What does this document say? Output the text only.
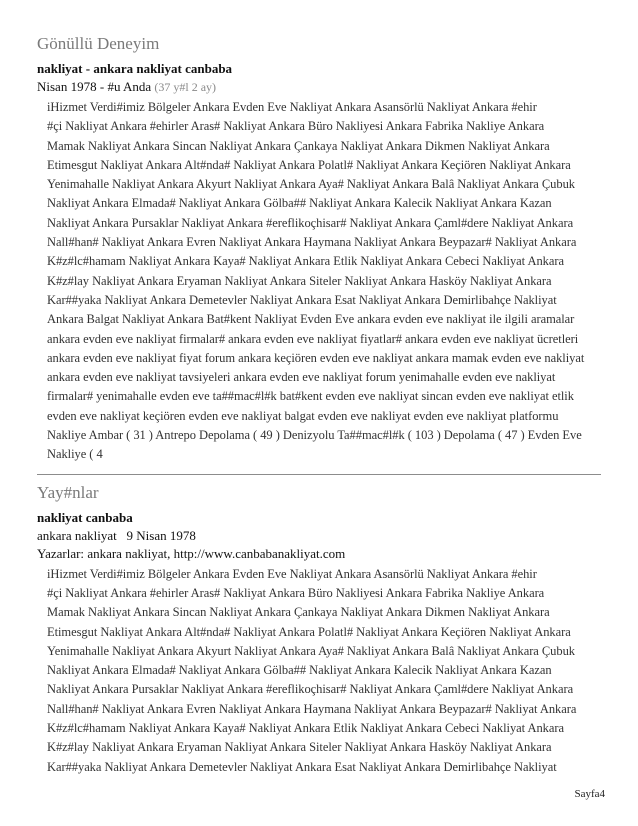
Gönüllü Deneyim
nakliyat - ankara nakliyat canbaba
Nisan 1978 - #u Anda (37 y#l 2 ay)
iHizmet Verdi#imiz Bölgeler Ankara Evden Eve Nakliyat Ankara Asansörlü Nakliyat Ankara #ehir
#çi Nakliyat Ankara #ehirler Aras# Nakliyat Ankara Büro Nakliyesi Ankara Fabrika Nakliye Ankara
Mamak Nakliyat Ankara Sincan Nakliyat Ankara Çankaya Nakliyat Ankara Dikmen Nakliyat Ankara
Etimesgut Nakliyat Ankara Alt#nda# Nakliyat Ankara Polatl# Nakliyat Ankara Keçiören Nakliyat Ankara
Yenimahalle Nakliyat Ankara Akyurt Nakliyat Ankara Aya# Nakliyat Ankara Balâ Nakliyat Ankara Çubuk
Nakliyat Ankara Elmada# Nakliyat Ankara Gölba## Nakliyat Ankara Kalecik Nakliyat Ankara Kazan
Nakliyat Ankara Pursaklar Nakliyat Ankara #ereflikoçhisar# Nakliyat Ankara Çaml#dere Nakliyat Ankara
Nall#han# Nakliyat Ankara Evren Nakliyat Ankara Haymana Nakliyat Ankara Beypazar# Nakliyat Ankara
K#z#lc#hamam Nakliyat Ankara Kaya# Nakliyat Ankara Etlik Nakliyat Ankara Cebeci Nakliyat Ankara
K#z#lay Nakliyat Ankara Eryaman Nakliyat Ankara Siteler Nakliyat Ankara Hasköy Nakliyat Ankara
Kar##yaka Nakliyat Ankara Demetevler Nakliyat Ankara Esat Nakliyat Ankara Demirlibahçe Nakliyat
Ankara Balgat Nakliyat Ankara Bat#kent Nakliyat Evden Eve ankara evden eve nakliyat ile ilgili aramalar
ankara evden eve nakliyat firmalar# ankara evden eve nakliyat fiyatlar# ankara evden eve nakliyat ücretleri
ankara evden eve nakliyat fiyat forum ankara keçiören evden eve nakliyat ankara mamak evden eve nakliyat
ankara evden eve nakliyat tavsiyeleri ankara evden eve nakliyat forum yenimahalle evden eve nakliyat
firmalar# yenimahalle evden eve ta##mac#l#k bat#kent evden eve nakliyat sincan evden eve nakliyat etlik
evden eve nakliyat keçiören evden eve nakliyat balgat evden eve nakliyat evden eve nakliyat platformu
Nakliye Ambar ( 31 ) Antrepo Depolama ( 49 ) Denizyolu Ta##mac#l#k ( 103 ) Depolama ( 47 ) Evden Eve
Nakliye ( 4
Yay#nlar
nakliyat canbaba
ankara nakliyat 9 Nisan 1978
Yazarlar: ankara nakliyat, http://www.canbabanakliyat.com
iHizmet Verdi#imiz Bölgeler Ankara Evden Eve Nakliyat Ankara Asansörlü Nakliyat Ankara #ehir
#çi Nakliyat Ankara #ehirler Aras# Nakliyat Ankara Büro Nakliyesi Ankara Fabrika Nakliye Ankara
Mamak Nakliyat Ankara Sincan Nakliyat Ankara Çankaya Nakliyat Ankara Dikmen Nakliyat Ankara
Etimesgut Nakliyat Ankara Alt#nda# Nakliyat Ankara Polatl# Nakliyat Ankara Keçiören Nakliyat Ankara
Yenimahalle Nakliyat Ankara Akyurt Nakliyat Ankara Aya# Nakliyat Ankara Balâ Nakliyat Ankara Çubuk
Nakliyat Ankara Elmada# Nakliyat Ankara Gölba## Nakliyat Ankara Kalecik Nakliyat Ankara Kazan
Nakliyat Ankara Pursaklar Nakliyat Ankara #ereflikoçhisar# Nakliyat Ankara Çaml#dere Nakliyat Ankara
Nall#han# Nakliyat Ankara Evren Nakliyat Ankara Haymana Nakliyat Ankara Beypazar# Nakliyat Ankara
K#z#lc#hamam Nakliyat Ankara Kaya# Nakliyat Ankara Etlik Nakliyat Ankara Cebeci Nakliyat Ankara
K#z#lay Nakliyat Ankara Eryaman Nakliyat Ankara Siteler Nakliyat Ankara Hasköy Nakliyat Ankara
Kar##yaka Nakliyat Ankara Demetevler Nakliyat Ankara Esat Nakliyat Ankara Demirlibahçe Nakliyat
Sayfa4
